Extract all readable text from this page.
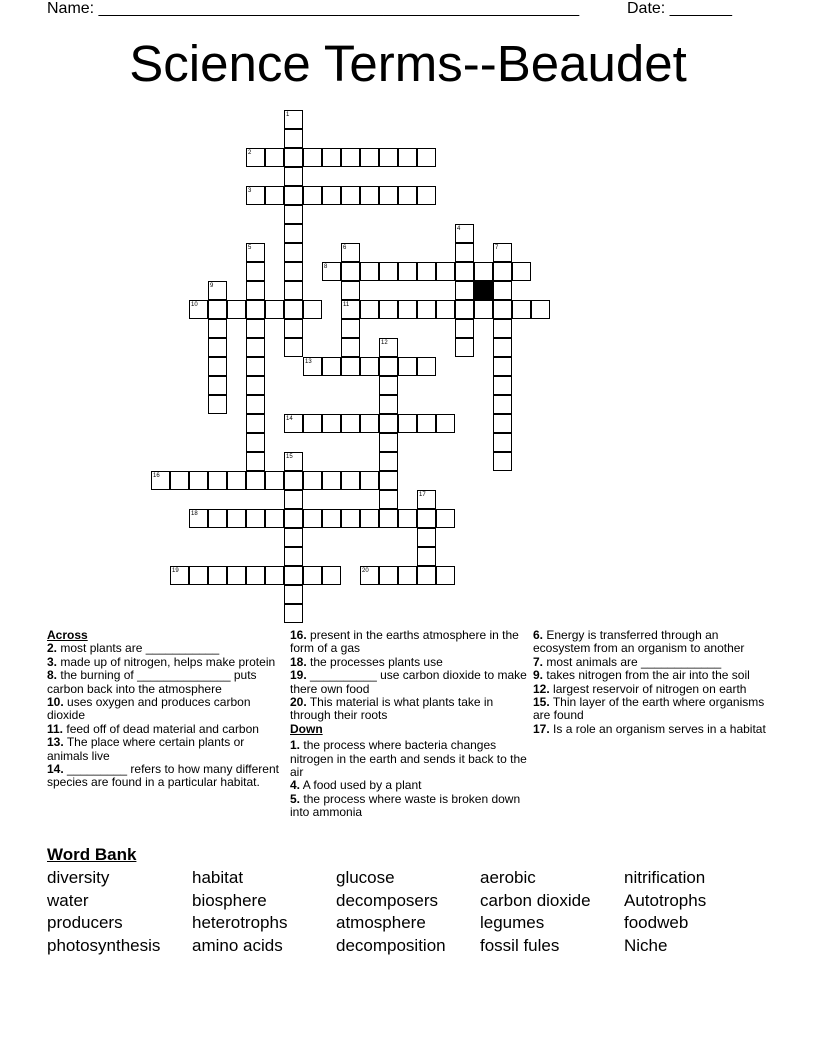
Name: ______________________________________________________	Date: _______
Science Terms--Beaudet
1
2
3
4
5	6
11
7
8
9
10
12
13
14
15
16
17
18
19	20
Across
2. most plants are ___________
3. made up of nitrogen, helps make protein
8. the burning of ______________ puts carbon back into the atmosphere
10. uses oxygen and produces carbon dioxide
11. feed off of dead material and carbon
13. The place where certain plants or animals live
14. _________ refers to how many different species are found in a particular habitat.
16. present in the earths atmosphere in the form of a gas
18. the processes plants use
19. __________ use carbon dioxide to make there own food
20. This material is what plants take in through their roots
Down
1. the process where bacteria changes nitrogen in the earth and sends it back to the air
4. A food used by a plant
5. the process where waste is broken down into ammonia
6. Energy is transferred through an ecosystem from an organism to another
7. most animals are ____________
9. takes nitrogen from the air into the soil
12. largest reservoir of nitrogen on earth
15. Thin layer of the earth where organisms are found
17. Is a role an organism serves in a habitat
Word Bank
diversity
water
producers
photosynthesis
habitat
biosphere
heterotrophs
amino acids
glucose
decomposers
atmosphere
decomposition
aerobic
carbon dioxide
legumes
fossil fules
nitrification
Autotrophs
foodweb
Niche
